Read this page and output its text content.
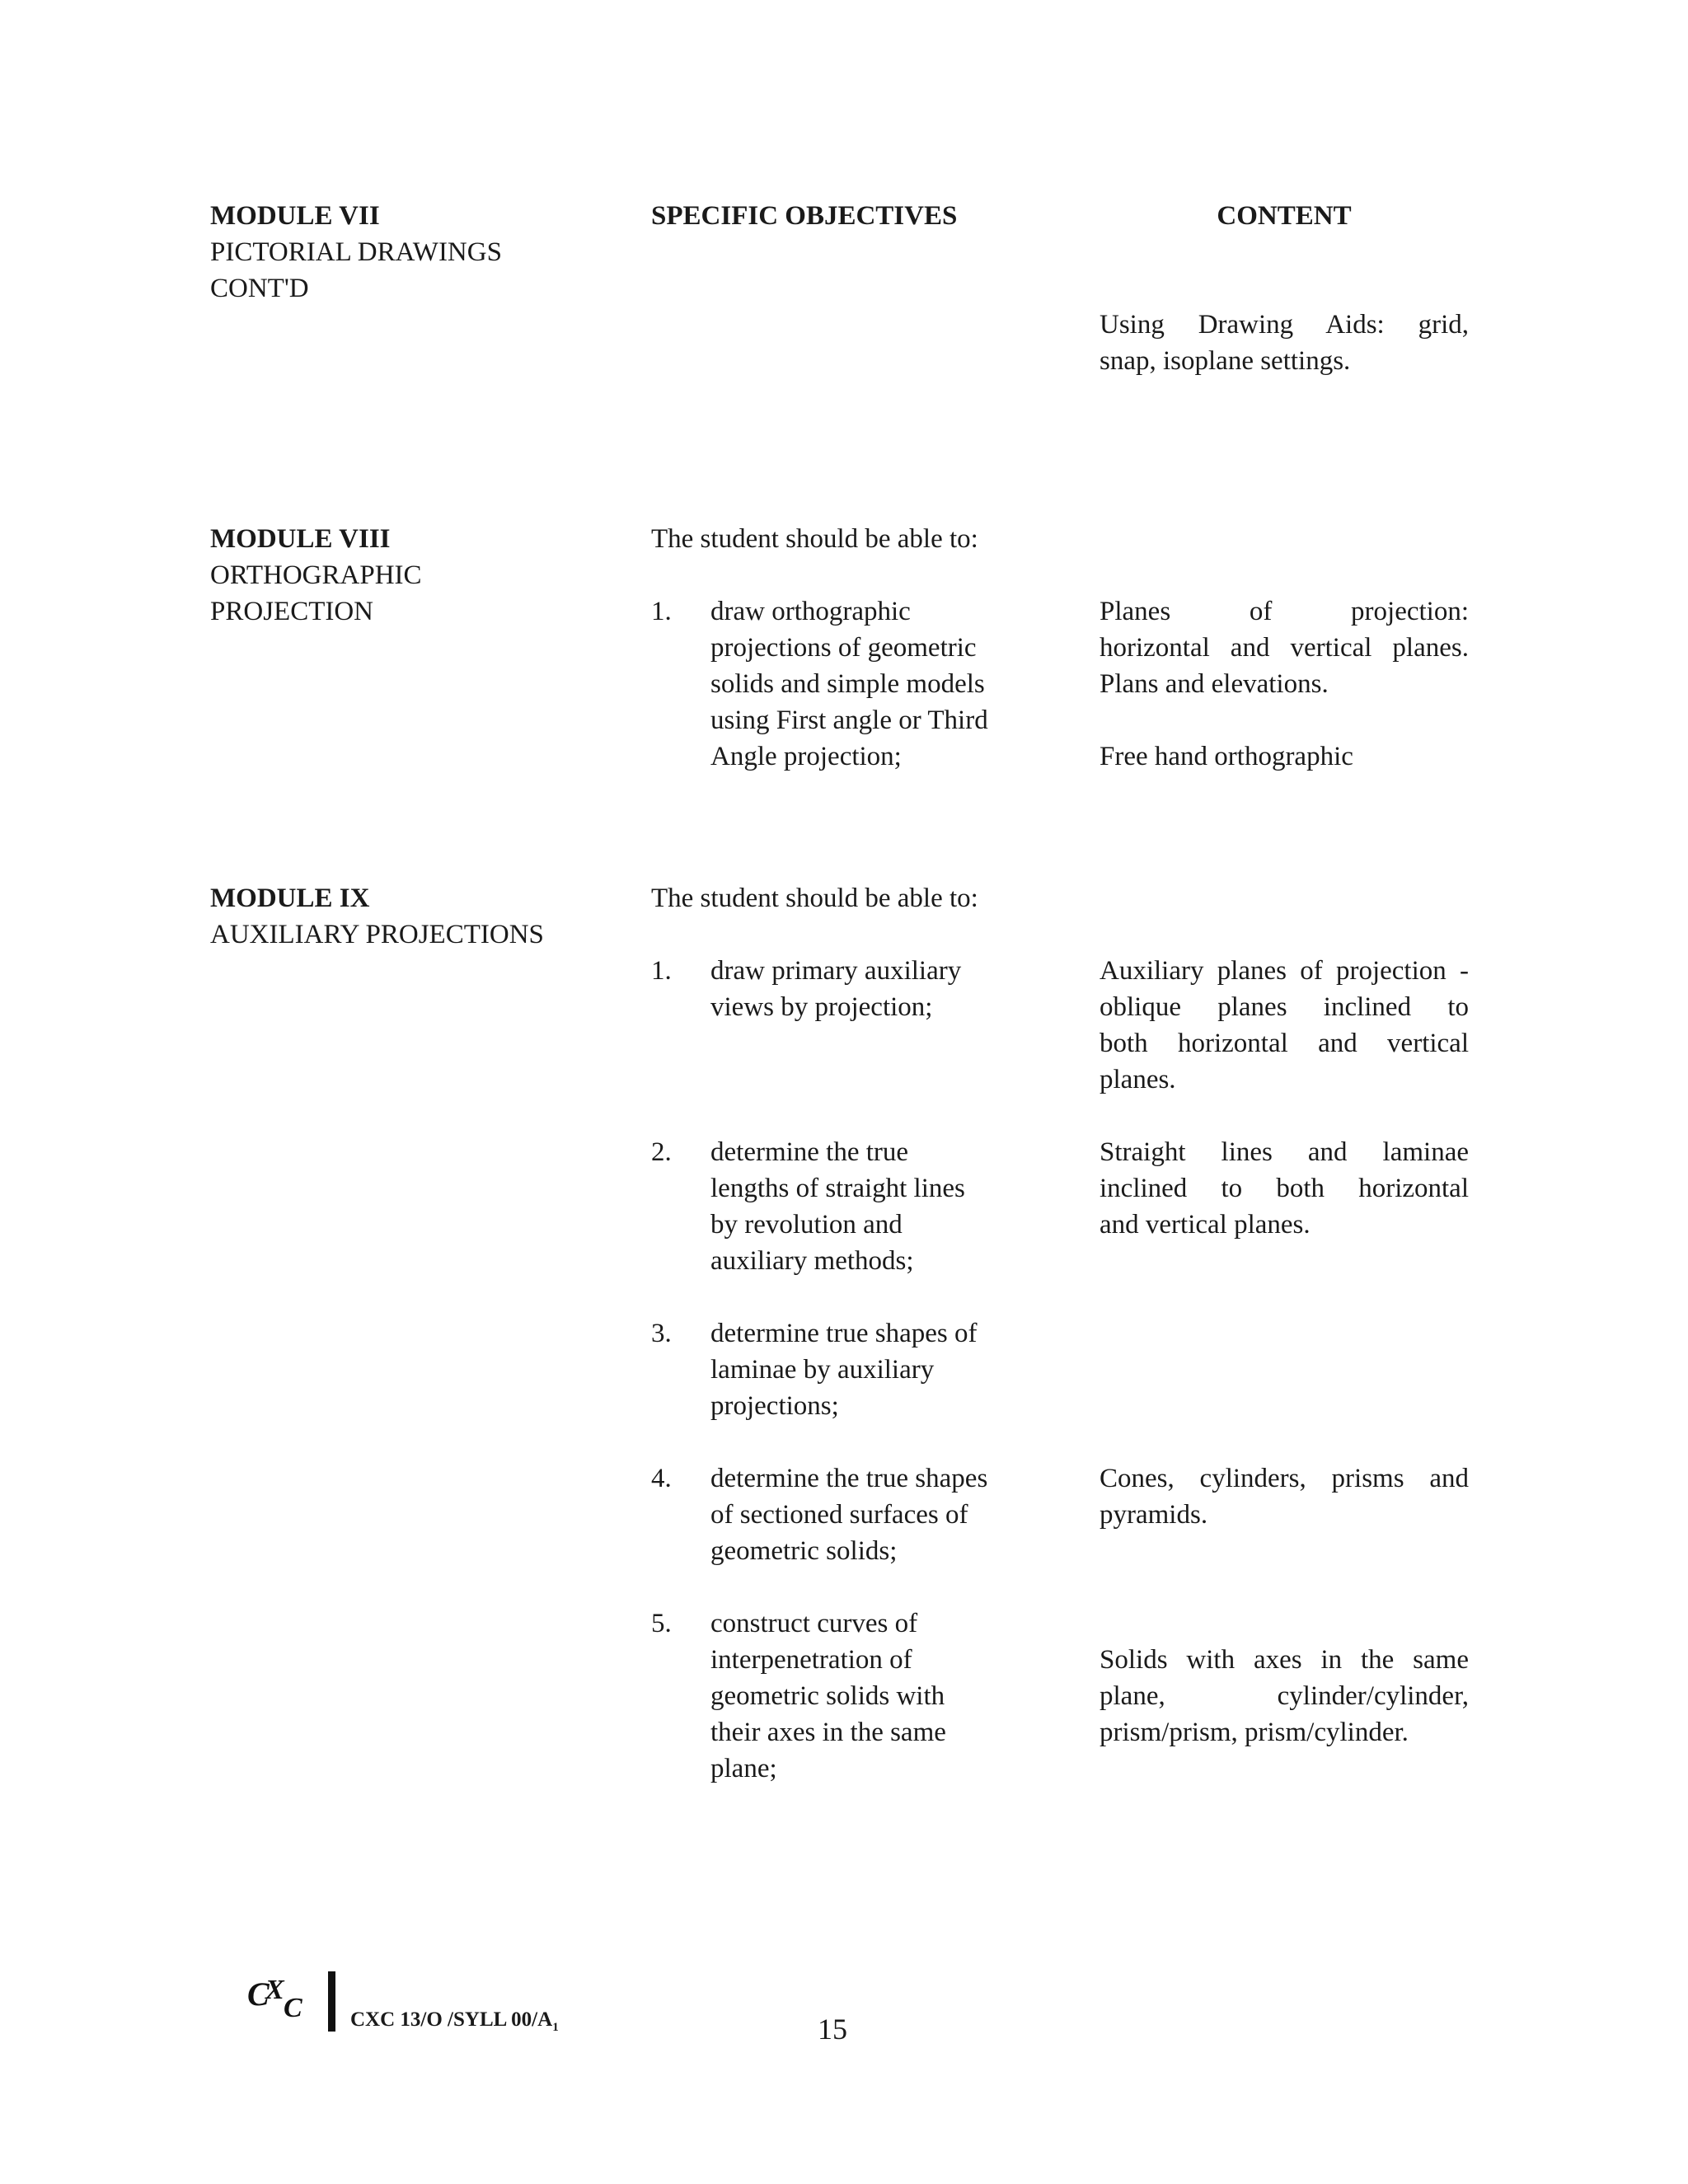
MODULE VII
PICTORIAL DRAWINGS
CONT'D
SPECIFIC OBJECTIVES	CONTENT
Using Drawing Aids: grid,
snap, isoplane settings.
MODULE VIII
ORTHOGRAPHIC
PROJECTION
The student should be able to:
1. draw orthographic
projections of geometric
solids and simple models
using First angle or Third
Angle projection;
Planes of projection:
horizontal and vertical planes.
Plans and elevations.
Free hand orthographic
MODULE IX
AUXILIARY PROJECTIONS
The student should be able to:
1. draw primary auxiliary
views by projection;
Auxiliary planes of projection -
oblique planes inclined to
both horizontal and vertical
planes.
2. determine the true
lengths of straight lines
by revolution and
auxiliary methods;
Straight lines and laminae
inclined to both horizontal
and vertical planes.
3. determine true shapes of
laminae by auxiliary
projections;
4. determine the true shapes
of sectioned surfaces of
geometric solids;
Cones, cylinders, prisms and
pyramids.
5. construct curves of
interpenetration of
geometric solids with
their axes in the same
plane;
Solids with axes in the same
plane, cylinder/cylinder,
prism/prism, prism/cylinder.
C
X
C CXC 13/O /SYLL $00/A_1$	15
